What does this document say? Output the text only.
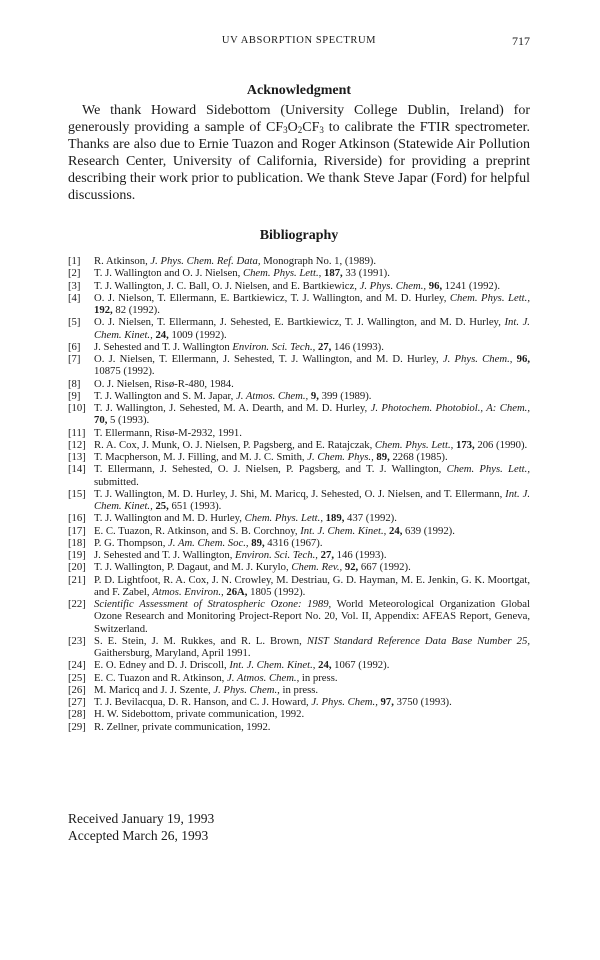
UV ABSORPTION SPECTRUM	717
Acknowledgment

We thank Howard Sidebottom (University College Dublin, Ireland) for generously providing a sample of $CF_3O_2CF_3$ to calibrate the FTIR spectrometer. Thanks are also due to Ernie Tuazon and Roger Atkinson (Statewide Air Pollution Research Center, University of California, Riverside) for providing a preprint describing their work prior to publication. We thank Steve Japar (Ford) for helpful discussions.

Bibliography
[1] R. Atkinson, J. Phys. Chem. Ref. Data, Monograph No. 1, (1989).
[2] T. J. Wallington and O. J. Nielsen, Chem. Phys. Lett., 187, 33 (1991).
[3] T. J. Wallington, J. C. Ball, O. J. Nielsen, and E. Bartkiewicz, J. Phys. Chem., 96, 1241 (1992).
[4] O. J. Nielson, T. Ellermann, E. Bartkiewicz, T. J. Wallington, and M. D. Hurley, Chem. Phys. Lett., 192, 82 (1992).
[5] O. J. Nielsen, T. Ellermann, J. Sehested, E. Bartkiewicz, T. J. Wallington, and M. D. Hurley, Int. J. Chem. Kinet., 24, 1009 (1992).
[6] J. Sehested and T. J. Wallington Environ. Sci. Tech., 27, 146 (1993).
[7] O. J. Nielsen, T. Ellermann, J. Sehested, T. J. Wallington, and M. D. Hurley, J. Phys. Chem., 96, 10875 (1992).
[8] O. J. Nielsen, Risø-R-480, 1984.
[9] T. J. Wallington and S. M. Japar, J. Atmos. Chem., 9, 399 (1989).
[10] T. J. Wallington, J. Sehested, M. A. Dearth, and M. D. Hurley, J. Photochem. Photobiol., A: Chem., 70, 5 (1993).
[11] T. Ellermann, Risø-M-2932, 1991.
[12] R. A. Cox, J. Munk, O. J. Nielsen, P. Pagsberg, and E. Ratajczak, Chem. Phys. Lett., 173, 206 (1990).
[13] T. Macpherson, M. J. Filling, and M. J. C. Smith, J. Chem. Phys., 89, 2268 (1985).
[14] T. Ellermann, J. Sehested, O. J. Nielsen, P. Pagsberg, and T. J. Wallington, Chem. Phys. Lett., submitted.
[15] T. J. Wallington, M. D. Hurley, J. Shi, M. Maricq, J. Sehested, O. J. Nielsen, and T. Ellermann, Int. J. Chem. Kinet., 25, 651 (1993).
[16] T. J. Wallington and M. D. Hurley, Chem. Phys. Lett., 189, 437 (1992).
[17] E. C. Tuazon, R. Atkinson, and S. B. Corchnoy, Int. J. Chem. Kinet., 24, 639 (1992).
[18] P. G. Thompson, J. Am. Chem. Soc., 89, 4316 (1967).
[19] J. Sehested and T. J. Wallington, Environ. Sci. Tech., 27, 146 (1993).
[20] T. J. Wallington, P. Dagaut, and M. J. Kurylo, Chem. Rev., 92, 667 (1992).
[21] P. D. Lightfoot, R. A. Cox, J. N. Crowley, M. Destriau, G. D. Hayman, M. E. Jenkin, G. K. Moortgat, and F. Zabel, Atmos. Environ., 26A, 1805 (1992).
[22] Scientific Assessment of Stratospheric Ozone: 1989, World Meteorological Organization Global Ozone Research and Monitoring Project-Report No. 20, Vol. II, Appendix: AFEAS Report, Geneva, Switzerland.
[23] S. E. Stein, J. M. Rukkes, and R. L. Brown, NIST Standard Reference Data Base Number 25, Gaithersburg, Maryland, April 1991.
[24] E. O. Edney and D. J. Driscoll, Int. J. Chem. Kinet., 24, 1067 (1992).
[25] E. C. Tuazon and R. Atkinson, J. Atmos. Chem., in press.
[26] M. Maricq and J. J. Szente, J. Phys. Chem., in press.
[27] T. J. Bevilacqua, D. R. Hanson, and C. J. Howard, J. Phys. Chem., 97, 3750 (1993).
[28] H. W. Sidebottom, private communication, 1992.
[29] R. Zellner, private communication, 1992.
Received January 19, 1993
Accepted March 26, 1993
